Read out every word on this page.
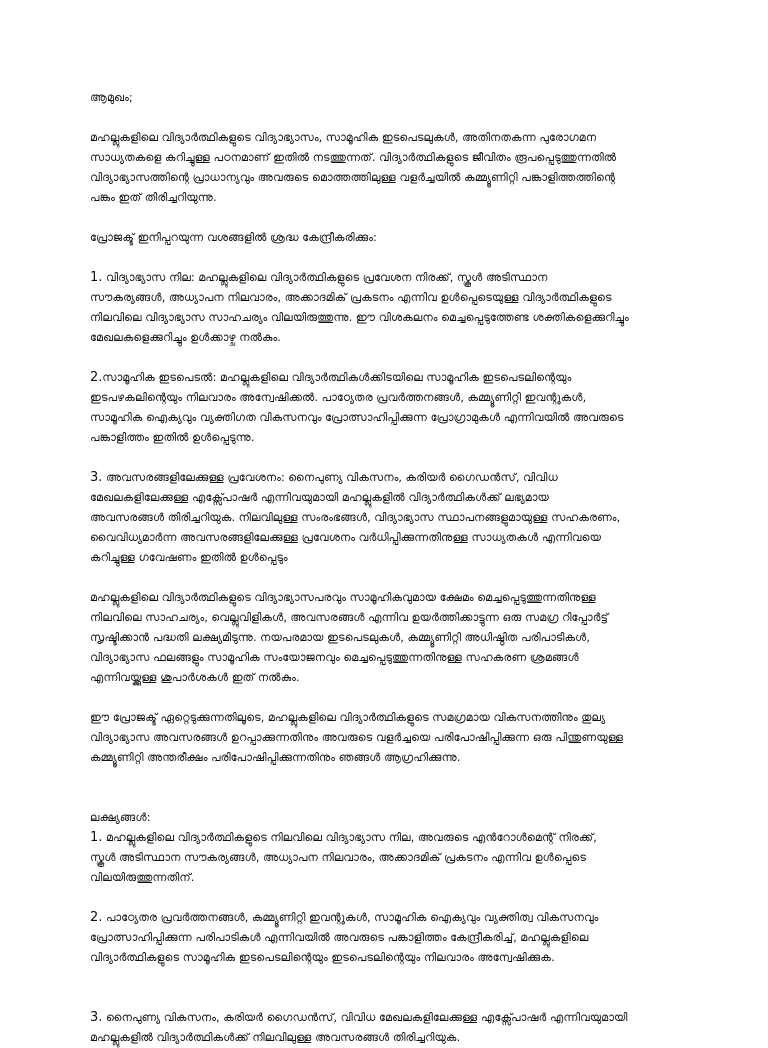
ആമുഖം;

മഹല്ലുകളിലെ വിദ്യാർത്ഥികളുടെ വിദ്യാഭ്യാസം, സാമൂഹിക ഇടപെടലുകൾ, അതിനതകന്ന പുരോഗമന
സാധ്യതകളെ കറിച്ചുള്ള പഠനമാണ് ഇതിൽ നടത്തുന്നത്. വിദ്യാർത്ഥികളുടെ ജീവിതം രൂപപ്പെടുത്തുന്നതിൽ
വിദ്യാഭ്യാസത്തിന്റെ പ്രാധാന്യവും അവരുടെ മൊത്തത്തിലുള്ള വളർച്ചയിൽ കമ്മ്യൂണിറ്റി പങ്കാളിത്തത്തിന്റെ
പങ്കം ഇത് തിരിച്ചറിയുന്നു.

പ്രോജക്ട് ഇനിപ്പറയുന്ന വശങ്ങളിൽ ശ്രദ്ധ കേന്ദ്രീകരിക്കും:

1. വിദ്യാഭ്യാസ നില: മഹല്ലുകളിലെ വിദ്യാർത്ഥികളുടെ പ്രവേശന നിരക്ക്, സ്കൂൾ അടിസ്ഥാന
സൗകര്യങ്ങൾ, അധ്യാപന നിലവാരം, അക്കാദമിക് പ്രകടനം എന്നിവ ഉൾപ്പെടെയുള്ള വിദ്യാർത്ഥികളുടെ
നിലവിലെ വിദ്യാഭ്യാസ സാഹചര്യം വിലയിരുത്തുന്നു. ഈ വിശകലനം മെച്ചപ്പെടുത്തേണ്ട ശക്തികളെക്കുറിച്ചും
മേഖലകളെക്കുറിച്ചും ഉൾക്കാഴ്ച നൽകും.

2.സാമൂഹിക ഇടപെടൽ: മഹല്ലുകളിലെ വിദ്യാർത്ഥികൾക്കിടയിലെ സാമൂഹിക ഇടപെടലിന്റെയും
ഇടപഴകലിന്റെയും നിലവാരം അന്വേഷിക്കൽ. പാഠ്യേതര പ്രവർത്തനങ്ങൾ, കമ്മ്യൂണിറ്റി ഇവന്റുകൾ,
സാമൂഹിക ഐക്യവും വ്യക്തിഗത വികസനവും പ്രോത്സാഹിപ്പിക്കുന്ന പ്രോഗ്രാമുകൾ എന്നിവയിൽ അവരുടെ
പങ്കാളിത്തം ഇതിൽ ഉൾപ്പെടുന്നു.

3. അവസരങ്ങളിലേക്കുള്ള പ്രവേശനം: നൈപുണ്യ വികസനം, കരിയർ ഗൈഡൻസ്, വിവിധ
മേഖലകളിലേക്കുള്ള എക്സ്പോഷർ എന്നിവയുമായി മഹല്ലുകളിൽ വിദ്യാർത്ഥികൾക്ക് ലഭ്യമായ
അവസരങ്ങൾ തിരിച്ചറിയുക. നിലവിലുള്ള സംരംഭങ്ങൾ, വിദ്യാഭ്യാസ സ്ഥാപനങ്ങളുമായുള്ള സഹകരണം,
വൈവിധ്യമാർന്ന അവസരങ്ങളിലേക്കുള്ള പ്രവേശനം വർധിപ്പിക്കുന്നതിനുള്ള സാധ്യതകൾ എന്നിവയെ
കറിച്ചുള്ള ഗവേഷണം ഇതിൽ ഉൾപ്പെടും

മഹല്ലുകളിലെ വിദ്യാർത്ഥികളുടെ വിദ്യാഭ്യാസപരവും സാമൂഹികവുമായ ക്ഷേമം മെച്ചപ്പെടുത്തുന്നതിനുള്ള
നിലവിലെ സാഹചര്യം, വെല്ലുവിളികൾ, അവസരങ്ങൾ എന്നിവ ഉയർത്തിക്കാട്ടുന്ന ഒരു സമഗ്ര റിപ്പോർട്ട്
സൃഷ്ടിക്കാൻ പദ്ധതി ലക്ഷ്യമിടുന്നു. നയപരമായ ഇടപെടലുകൾ, കമ്മ്യൂണിറ്റി അധിഷ്ഠിത പരിപാടികൾ,
വിദ്യാഭ്യാസ ഫലങ്ങളും സാമൂഹിക സംയോജനവും മെച്ചപ്പെടുത്തുന്നതിനുള്ള സഹകരണ ശ്രമങ്ങൾ
എന്നിവയ്ക്കുള്ള ശുപാർശകൾ ഇത് നൽകും.

ഈ പ്രോജക്ട് ഏറ്റെടുക്കുന്നതിലൂടെ, മഹല്ലുകളിലെ വിദ്യാർത്ഥികളുടെ സമഗ്രമായ വികസനത്തിനും തുല്യ
വിദ്യാഭ്യാസ അവസരങ്ങൾ ഉറപ്പാക്കുന്നതിനും അവരുടെ വളർച്ചയെ പരിപോഷിപ്പിക്കുന്ന ഒരു പിന്തുണയുള്ള
കമ്മ്യൂണിറ്റി അന്തരീക്ഷം പരിപോഷിപ്പിക്കുന്നതിനും ഞങ്ങൾ ആഗ്രഹിക്കുന്നു.

ലക്ഷ്യങ്ങൾ:

1. മഹല്ലുകളിലെ വിദ്യാർത്ഥികളുടെ നിലവിലെ വിദ്യാഭ്യാസ നില, അവരുടെ എൻറോൾമെന്റ് നിരക്ക്,
സ്കൂൾ അടിസ്ഥാന സൗകര്യങ്ങൾ, അധ്യാപന നിലവാരം, അക്കാദമിക് പ്രകടനം എന്നിവ ഉൾപ്പെടെ
വിലയിരുത്തുന്നതിന്.

2. പാഠ്യേതര പ്രവർത്തനങ്ങൾ, കമ്മ്യൂണിറ്റി ഇവന്റുകൾ, സാമൂഹിക ഐക്യവും വ്യക്തിത്വ വികസനവും
പ്രോത്സാഹിപ്പിക്കുന്ന പരിപാടികൾ എന്നിവയിൽ അവരുടെ പങ്കാളിത്തം കേന്ദ്രീകരിച്ച്, മഹല്ലുകളിലെ
വിദ്യാർത്ഥികളുടെ സാമൂഹിക ഇടപെടലിന്റെയും ഇടപെടലിന്റെയും നിലവാരം അന്വേഷിക്കുക.

3. നൈപുണ്യ വികസനം, കരിയർ ഗൈഡൻസ്, വിവിധ മേഖലകളിലേക്കുള്ള എക്സ്പോഷർ എന്നിവയുമായി
മഹല്ലുകളിൽ വിദ്യാർത്ഥികൾക്ക് നിലവിലുള്ള അവസരങ്ങൾ തിരിച്ചറിയുക.
